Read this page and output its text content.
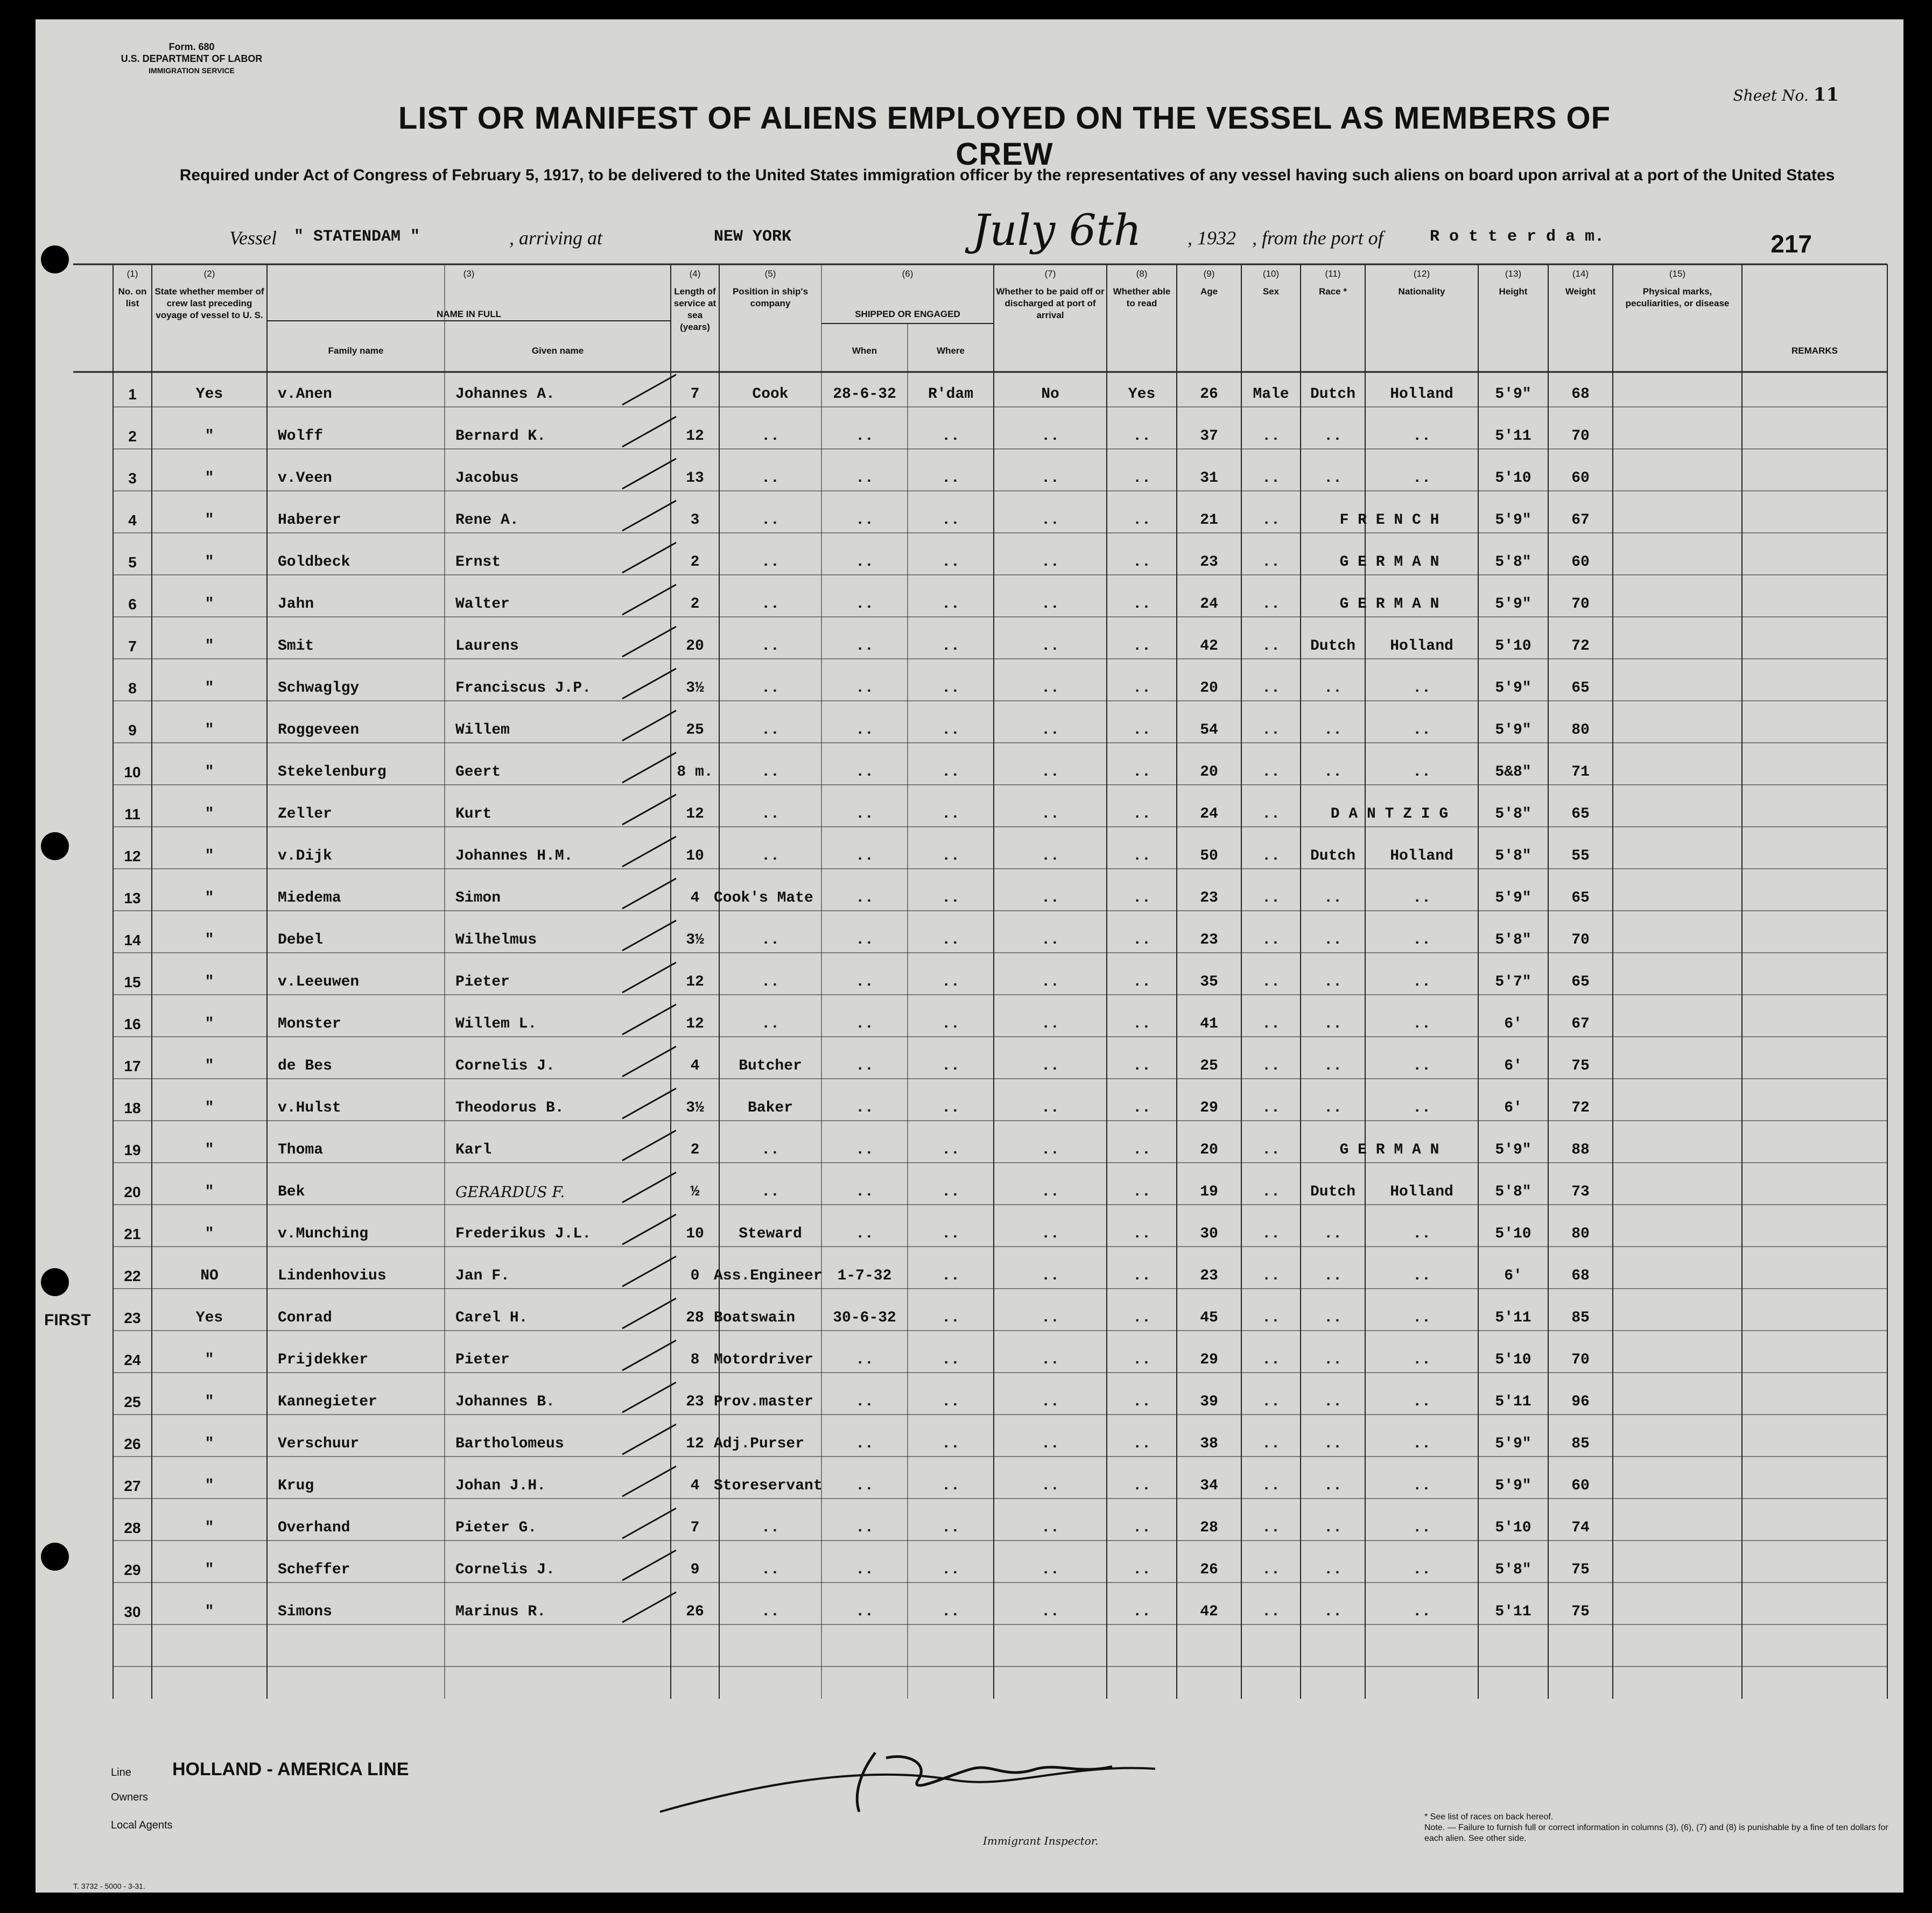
Form. 680
U.S. DEPARTMENT OF LABOR
IMMIGRATION SERVICE
LIST OR MANIFEST OF ALIENS EMPLOYED ON THE VESSEL AS MEMBERS OF CREW
Sheet No. 11
Required under Act of Congress of February 5, 1917, to be delivered to the United States immigration officer by the representatives of any vessel having such aliens on board upon arrival at a port of the United States
Vessel " STATENDAM "	, arriving at	NEW YORK	July 6th , 1932 , from the port of	R o t t e r d a m.	217
(1)
No. on list
(2)
State whether member of crew last preceding voyage of vessel to U. S.
(3)
NAME IN FULL
(4)
Length of service at sea (years)
(5)
Position in ship's company
(6)
SHIPPED OR ENGAGED
(7)
Whether to be paid off or discharged at port of arrival
(8)
Whether able to read
(9)
Age
(10)
Sex
(11)
Race *
(12)
Nationality
(13)
Height
(14)
Weight
(15)
Physical marks, peculiarities, or disease
REMARKS
Family name	Given name	When	Where
1	Yes	v.Anen	Johannes A.	7	Cook	28-6-32	R'dam	No	Yes	26	Male	Dutch	Holland	5'9"	68
2	"	Wolff	Bernard K.	12	..	..	..	..	..	37	..	..	..	5'11	70
3	"	v.Veen	Jacobus	13	..	..	..	..	..	31	..	..	..	5'10	60
4	"	Haberer	Rene A.	3	..	..	..	..	..	21	..	F R E N C H	5'9"	67
5	"	Goldbeck	Ernst	2	..	..	..	..	..	23	..	G E R M A N	5'8"	60
6	"	Jahn	Walter	2	..	..	..	..	..	24	..	G E R M A N	5'9"	70
7	"	Smit	Laurens	20	..	..	..	..	..	42	..	Dutch	Holland	5'10	72
8	"	Schwaglgy	Franciscus J.P.	3½	..	..	..	..	..	20	..	..	..	5'9"	65
9	"	Roggeveen	Willem	25	..	..	..	..	..	54	..	..	..	5'9"	80
10	"	Stekelenburg	Geert	8 m.	..	..	..	..	..	20	..	..	..	5&8"	71
11	"	Zeller	Kurt	12	..	..	..	..	..	24	..	D A N T Z I G	5'8"	65
12	"	v.Dijk	Johannes H.M.	10	..	..	..	..	..	50	..	Dutch	Holland	5'8"	55
13	"	Miedema	Simon	4 Cook's Mate	..	..	..	..	23	..	..	..	5'9"	65
14	"	Debel	Wilhelmus	3½	..	..	..	..	..	23	..	..	..	5'8"	70
15	"	v.Leeuwen	Pieter	12	..	..	..	..	..	35	..	..	..	5'7"	65
16	"	Monster	Willem L.	12	..	..	..	..	..	41	..	..	..	6'	67
17	"	de Bes	Cornelis J.	4	Butcher	..	..	..	..	25	..	..	..	6'	75
18	"	v.Hulst	Theodorus B.	3½	Baker	..	..	..	..	29	..	..	..	6'	72
19	"	Thoma	Karl	2	..	..	..	..	..	20	..	G E R M A N	5'9"	88
20	"	Bek	GERARDUS F.	½	..	..	..	..	..	19	..	Dutch	Holland	5'8"	73
21	"	v.Munching	Frederikus J.L.	10	Steward	..	..	..	..	30	..	..	..	5'10	80
22	NO	Lindenhovius	Jan F.	0 Ass.Engineer 1-7-32	..	..	..	23	..	..	..	6'	68
23	Yes	Conrad	Carel H.	28 Boatswain	30-6-32	..	..	..	45	..	..	..	5'11	85
24	"	Prijdekker	Pieter	8 Motordriver	..	..	..	..	29	..	..	..	5'10	70
25	"	Kannegieter	Johannes B.	23 Prov.master	..	..	..	..	39	..	..	..	5'11	96
26	"	Verschuur	Bartholomeus	12 Adj.Purser	..	..	..	..	38	..	..	..	5'9"	85
27	"	Krug	Johan J.H.	4 Storeservant	..	..	..	..	34	..	..	..	5'9"	60
28	"	Overhand	Pieter G.	7	..	..	..	..	..	28	..	..	..	5'10	74
29	"	Scheffer	Cornelis J.	9	..	..	..	..	..	26	..	..	..	5'8"	75
30	"	Simons	Marinus R.	26	..	..	..	..	..	42	..	..	..	5'11	75
FIRST
Line HOLLAND - AMERICA LINE
Owners
Local Agents
Immigrant Inspector.
* See list of races on back hereof.
Note. — Failure to furnish full or correct information in columns (3), (6), (7) and (8) is punishable by a fine of ten dollars for each alien. See other side.
T. 3732 - 5000 - 3-31.
